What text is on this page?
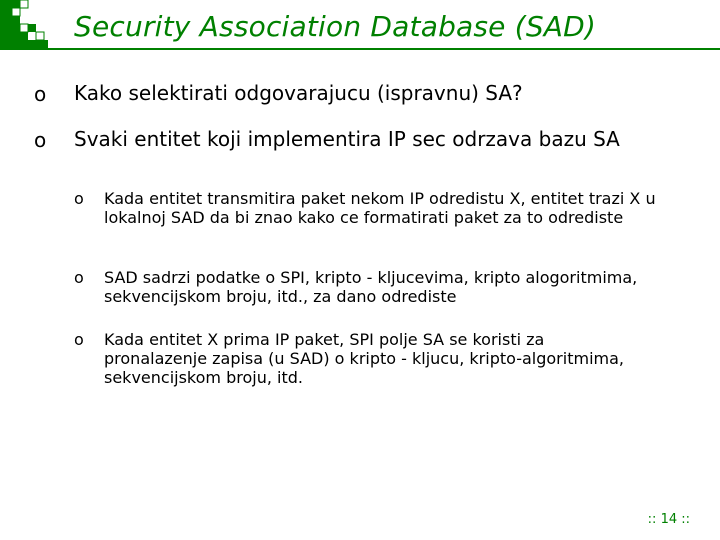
Security Association Database (SAD)
o Kako selektirati odgovarajucu (ispravnu) SA?
o Svaki entitet koji implementira IP sec odrzava bazu SA
o Kada entitet transmitira paket nekom IP odredistu X, entitet trazi X u lokalnoj SAD da bi znao kako ce formatirati paket za to odrediste
o SAD sadrzi podatke o SPI, kripto - kljucevima, kripto alogoritmima, sekvencijskom broju, itd., za dano odrediste
o Kada entitet X prima IP paket, SPI polje SA se koristi za pronalazenje zapisa (u SAD) o kripto - kljucu, kripto-algoritmima, sekvencijskom broju, itd.
:: 14 ::
